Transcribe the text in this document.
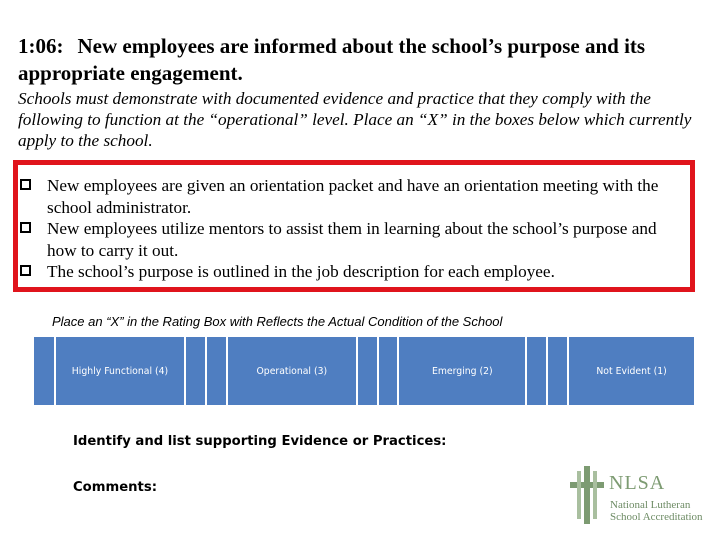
1:06: New employees are informed about the school’s purpose and its appropriate engagement.
Schools must demonstrate with documented evidence and practice that they comply with the following to function at the “operational” level. Place an “X” in the boxes below which currently apply to the school.
New employees are given an orientation packet and have an orientation meeting with the school administrator.
New employees utilize mentors to assist them in learning about the school’s purpose and how to carry it out.
The school’s purpose is outlined in the job description for each employee.
Place an “X” in the Rating Box with Reflects the Actual Condition of the School
Highly Functional (4)	Operational (3)	Emerging (2)	Not Evident (1)
Identify and list supporting Evidence or Practices:
Comments:	NLSA
National Lutheran
School Accreditation
